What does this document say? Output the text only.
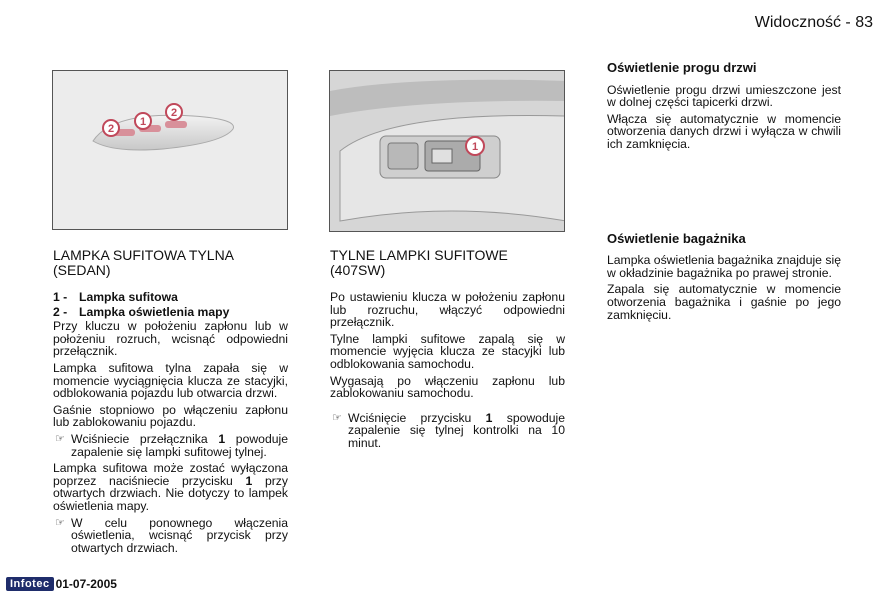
Widoczność - 83
2
1
2
1
LAMPKA SUFITOWA TYLNA (SEDAN)
1 - Lampka sufitowa
2 - Lampka oświetlenia mapy

Przy kluczu w położeniu zapłonu lub w położeniu rozruch, wcisnąć odpowiedni przełącznik.

Lampka sufitowa tylna zapała się w momencie wyciągnięcia klucza ze stacyjki, odblokowania pojazdu lub otwarcia drzwi.

Gaśnie stopniowo po włączeniu zapłonu lub zablokowaniu pojazdu.

☞ Wciśniecie przełącznika 1 powoduje zapalenie się lampki sufitowej tylnej.

Lampka sufitowa może zostać wyłączona poprzez naciśniecie przycisku 1 przy otwartych drzwiach. Nie dotyczy to lampek oświetlenia mapy.

☞ W celu ponownego włączenia oświetlenia, wcisnąć przycisk przy otwartych drzwiach.
TYLNE LAMPKI SUFITOWE (407SW)

Po ustawieniu klucza w położeniu zapłonu lub rozruchu, włączyć odpowiedni przełącznik.

Tylne lampki sufitowe zapalą się w momencie wyjęcia klucza ze stacyjki lub odblokowania samochodu.

Wygasają po włączeniu zapłonu lub zablokowaniu samochodu.

☞ Wciśnięcie przycisku 1 spowoduje zapalenie się tylnej kontrolki na 10 minut.
Oświetlenie progu drzwi

Oświetlenie progu drzwi umieszczone jest w dolnej części tapicerki drzwi.

Włącza się automatycznie w momencie otworzenia danych drzwi i wyłącza w chwili ich zamknięcia.

Oświetlenie bagażnika

Lampka oświetlenia bagażnika znajduje się w okładzinie bagażnika po prawej stronie.

Zapala się automatycznie w momencie otworzenia bagażnika i gaśnie po jego zamknięciu.

Infotec 01-07-2005
